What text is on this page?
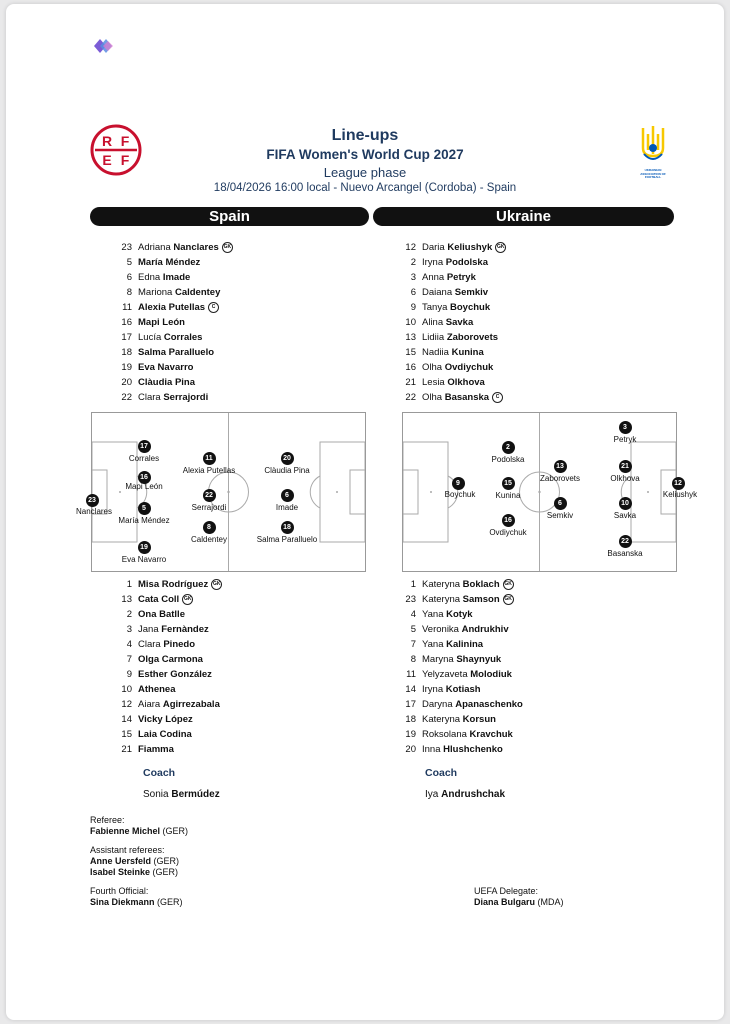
R F
E F
UKRAINIAN ASSOCIATION OF FOOTBALL
Line-ups
FIFA Women's World Cup 2027
League phase
18/04/2026 16:00 local - Nuevo Arcangel (Cordoba) - Spain
Spain	Ukraine
23 Adriana Nanclares GK
5 María Méndez
6 Edna Imade
8 Mariona Caldentey
11 Alexia Putellas C
16 Mapi León
17 Lucía Corrales
18 Salma Paralluelo
19 Eva Navarro
20 Clàudia Pina
22 Clara Serrajordi
12 Daria Keliushyk GK
2 Iryna Podolska
3 Anna Petryk
6 Daiana Semkiv
9 Tanya Boychuk
10 Alina Savka
13 Lidiia Zaborovets
15 Nadiia Kunina
16 Olha Ovdiychuk
21 Lesia Olkhova
22 Olha Basanska C
23
Nanclares
17
Corrales
16
Mapi León
5
María Méndez
19
Eva Navarro
11
Alexia Putellas
22
Serrajordi
8
Caldentey
20
Clàudia Pina
6
Imade
18
Salma Paralluelo
12
Keliushyk
3
Petryk
21
Olkhova
10
Savka
22
Basanska
13
Zaborovets
6
Semkiv
2
Podolska
15
Kunina
16
Ovdiychuk
9
Boychuk
1 Misa Rodríguez GK
13 Cata Coll GK
2 Ona Batlle
3 Jana Fernàndez
4 Clara Pinedo
7 Olga Carmona
9 Esther González
10 Athenea
12 Aiara Agirrezabala
14 Vicky López
15 Laia Codina
21 Fiamma
1 Kateryna Boklach GK
23 Kateryna Samson GK
4 Yana Kotyk
5 Veronika Andrukhiv
7 Yana Kalinina
8 Maryna Shaynyuk
11 Yelyzaveta Molodiuk
14 Iryna Kotiash
17 Daryna Apanaschenko
18 Kateryna Korsun
19 Roksolana Kravchuk
20 Inna Hlushchenko
Coach
Sonia Bermúdez
Coach
Iya Andrushchak
Referee:
Fabienne Michel (GER)
Assistant referees:
Anne Uersfeld (GER)
Isabel Steinke (GER)
Fourth Official:
Sina Diekmann (GER)
UEFA Delegate:
Diana Bulgaru (MDA)
